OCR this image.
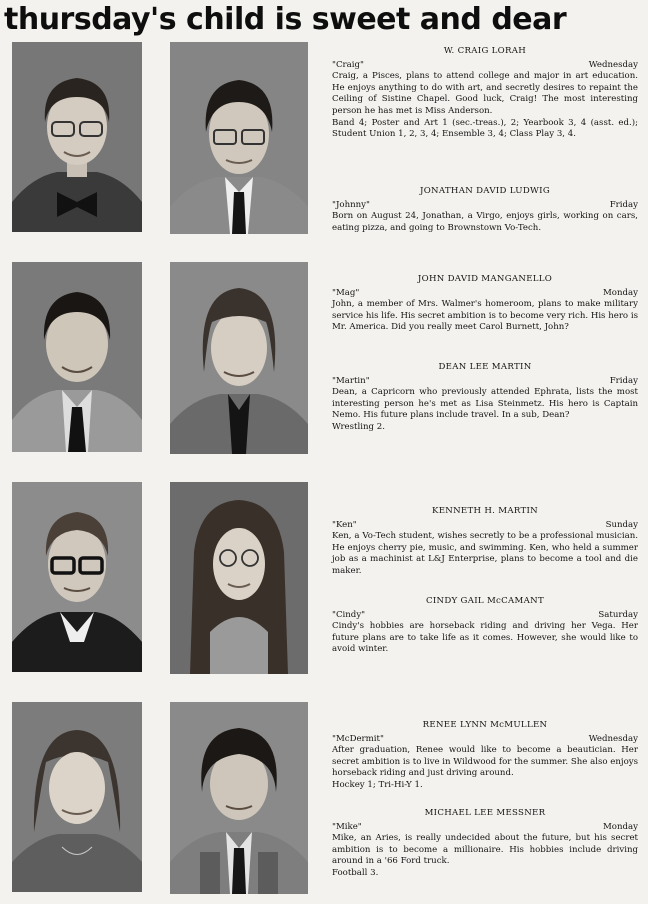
thursday's child is sweet and dear
W. CRAIG LORAH
"Craig"	Wednesday

Craig, a Pisces, plans to attend college and major in art education. He enjoys anything to do with art, and secretly desires to repaint the Ceiling of Sistine Chapel. Good luck, Craig! The most interesting person he has met is Miss Anderson.

Band 4; Poster and Art 1 (sec.-treas.), 2; Yearbook 3, 4 (asst. ed.); Student Union 1, 2, 3, 4; Ensemble 3, 4; Class Play 3, 4.

JONATHAN DAVID LUDWIG
"Johnny"	Friday

Born on August 24, Jonathan, a Virgo, enjoys girls, working on cars, eating pizza, and going to Brownstown Vo-Tech.

JOHN DAVID MANGANELLO
"Mag"	Monday

John, a member of Mrs. Walmer's homeroom, plans to make military service his life. His secret ambition is to become very rich. His hero is Mr. America. Did you really meet Carol Burnett, John?

DEAN LEE MARTIN
"Martin"	Friday

Dean, a Capricorn who previously attended Ephrata, lists the most interesting person he's met as Lisa Steinmetz. His hero is Captain Nemo. His future plans include travel. In a sub, Dean?

Wrestling 2.

KENNETH H. MARTIN
"Ken"	Sunday

Ken, a Vo-Tech student, wishes secretly to be a professional musician. He enjoys cherry pie, music, and swimming. Ken, who held a summer job as a machinist at L&J Enterprise, plans to become a tool and die maker.

CINDY GAIL McCAMANT
"Cindy"	Saturday

Cindy's hobbies are horseback riding and driving her Vega. Her future plans are to take life as it comes. However, she would like to avoid winter.

RENEE LYNN McMULLEN
"McDermit"	Wednesday

After graduation, Renee would like to become a beautician. Her secret ambition is to live in Wildwood for the summer. She also enjoys horseback riding and just driving around.

Hockey 1; Tri-Hi-Y 1.

MICHAEL LEE MESSNER
"Mike"	Monday

Mike, an Aries, is really undecided about the future, but his secret ambition is to become a millionaire. His hobbies include driving around in a '66 Ford truck.

Football 3.
